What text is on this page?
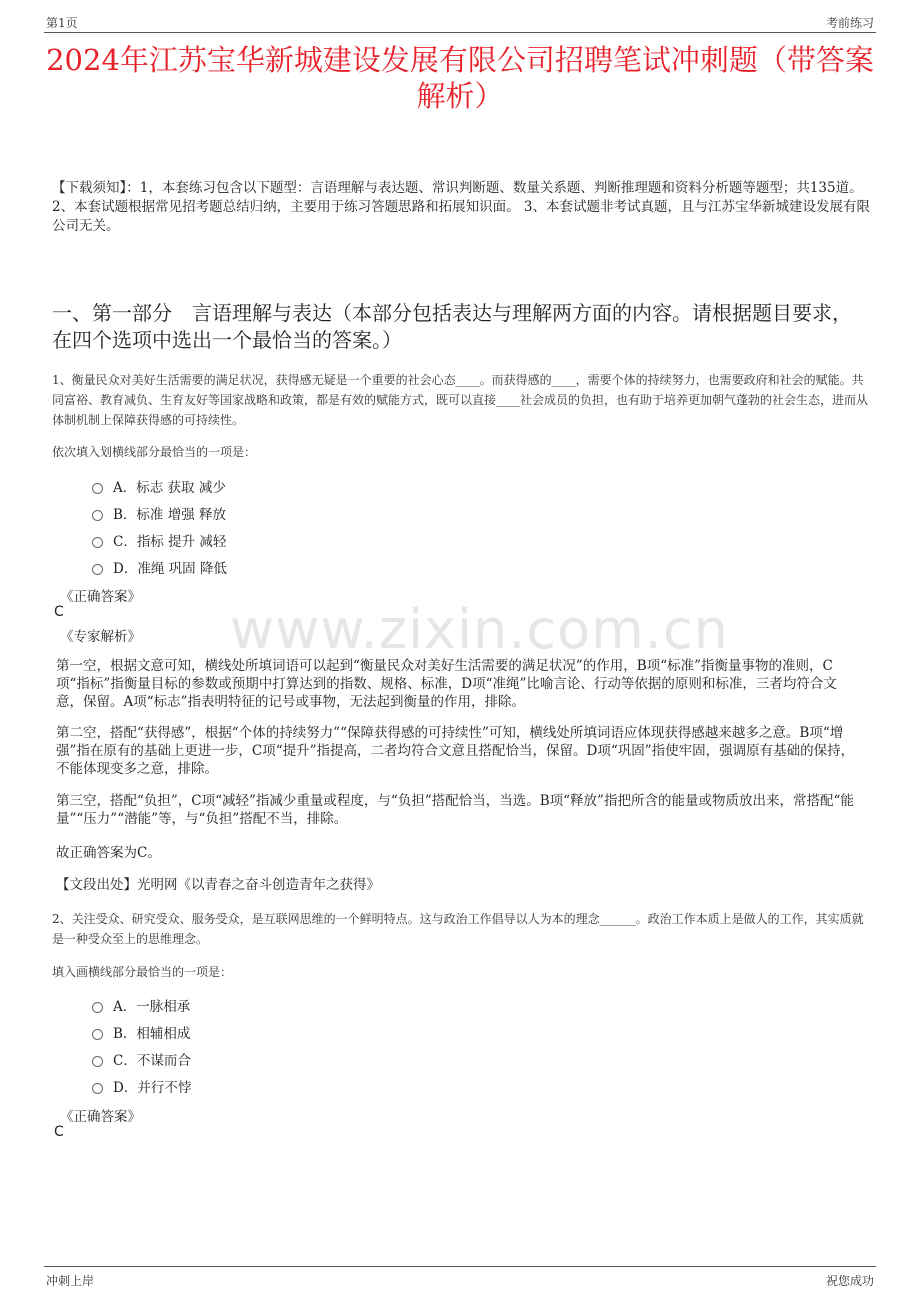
第1页	考前练习
2024年江苏宝华新城建设发展有限公司招聘笔试冲刺题（带答案解析）
【下载须知】：1，本套练习包含以下题型：言语理解与表达题、常识判断题、数量关系题、判断推理题和资料分析题等题型；共135道。 2、本套试题根据常见招考题总结归纳，主要用于练习答题思路和拓展知识面。 3、本套试题非考试真题，且与江苏宝华新城建设发展有限公司无关。
一、第一部分　言语理解与表达（本部分包括表达与理解两方面的内容。请根据题目要求，在四个选项中选出一个最恰当的答案。）
www.zixin.com.cn
1、衡量民众对美好生活需要的满足状况，获得感无疑是一个重要的社会心态____。而获得感的____，需要个体的持续努力，也需要政府和社会的赋能。共同富裕、教育减负、生育友好等国家战略和政策，都是有效的赋能方式，既可以直接____社会成员的负担，也有助于培养更加朝气蓬勃的社会生态，进而从体制机制上保障获得感的可持续性。
依次填入划横线部分最恰当的一项是：
A．标志 获取 减少
B．标准 增强 释放
C．指标 提升 减轻
D．准绳 巩固 降低
《正确答案》
C
《专家解析》
第一空，根据文意可知，横线处所填词语可以起到“衡量民众对美好生活需要的满足状况”的作用，B项“标准”指衡量事物的准则，C项“指标”指衡量目标的参数或预期中打算达到的指数、规格、标准，D项“准绳”比喻言论、行动等依据的原则和标准，三者均符合文意，保留。A项“标志”指表明特征的记号或事物，无法起到衡量的作用，排除。
第二空，搭配“获得感”，根据“个体的持续努力”“保障获得感的可持续性”可知，横线处所填词语应体现获得感越来越多之意。B项“增强”指在原有的基础上更进一步，C项“提升”指提高，二者均符合文意且搭配恰当，保留。D项“巩固”指使牢固，强调原有基础的保持，不能体现变多之意，排除。
第三空，搭配“负担”，C项“减轻”指减少重量或程度，与“负担”搭配恰当，当选。B项“释放”指把所含的能量或物质放出来，常搭配“能量”“压力”“潜能”等，与“负担”搭配不当，排除。
故正确答案为C。
【文段出处】光明网《以青春之奋斗创造青年之获得》
2、关注受众、研究受众、服务受众，是互联网思维的一个鲜明特点。这与政治工作倡导以人为本的理念______。政治工作本质上是做人的工作，其实质就是一种受众至上的思维理念。
填入画横线部分最恰当的一项是：
A．一脉相承
B．相辅相成
C．不谋而合
D．并行不悖
《正确答案》
C
冲刺上岸	祝您成功
